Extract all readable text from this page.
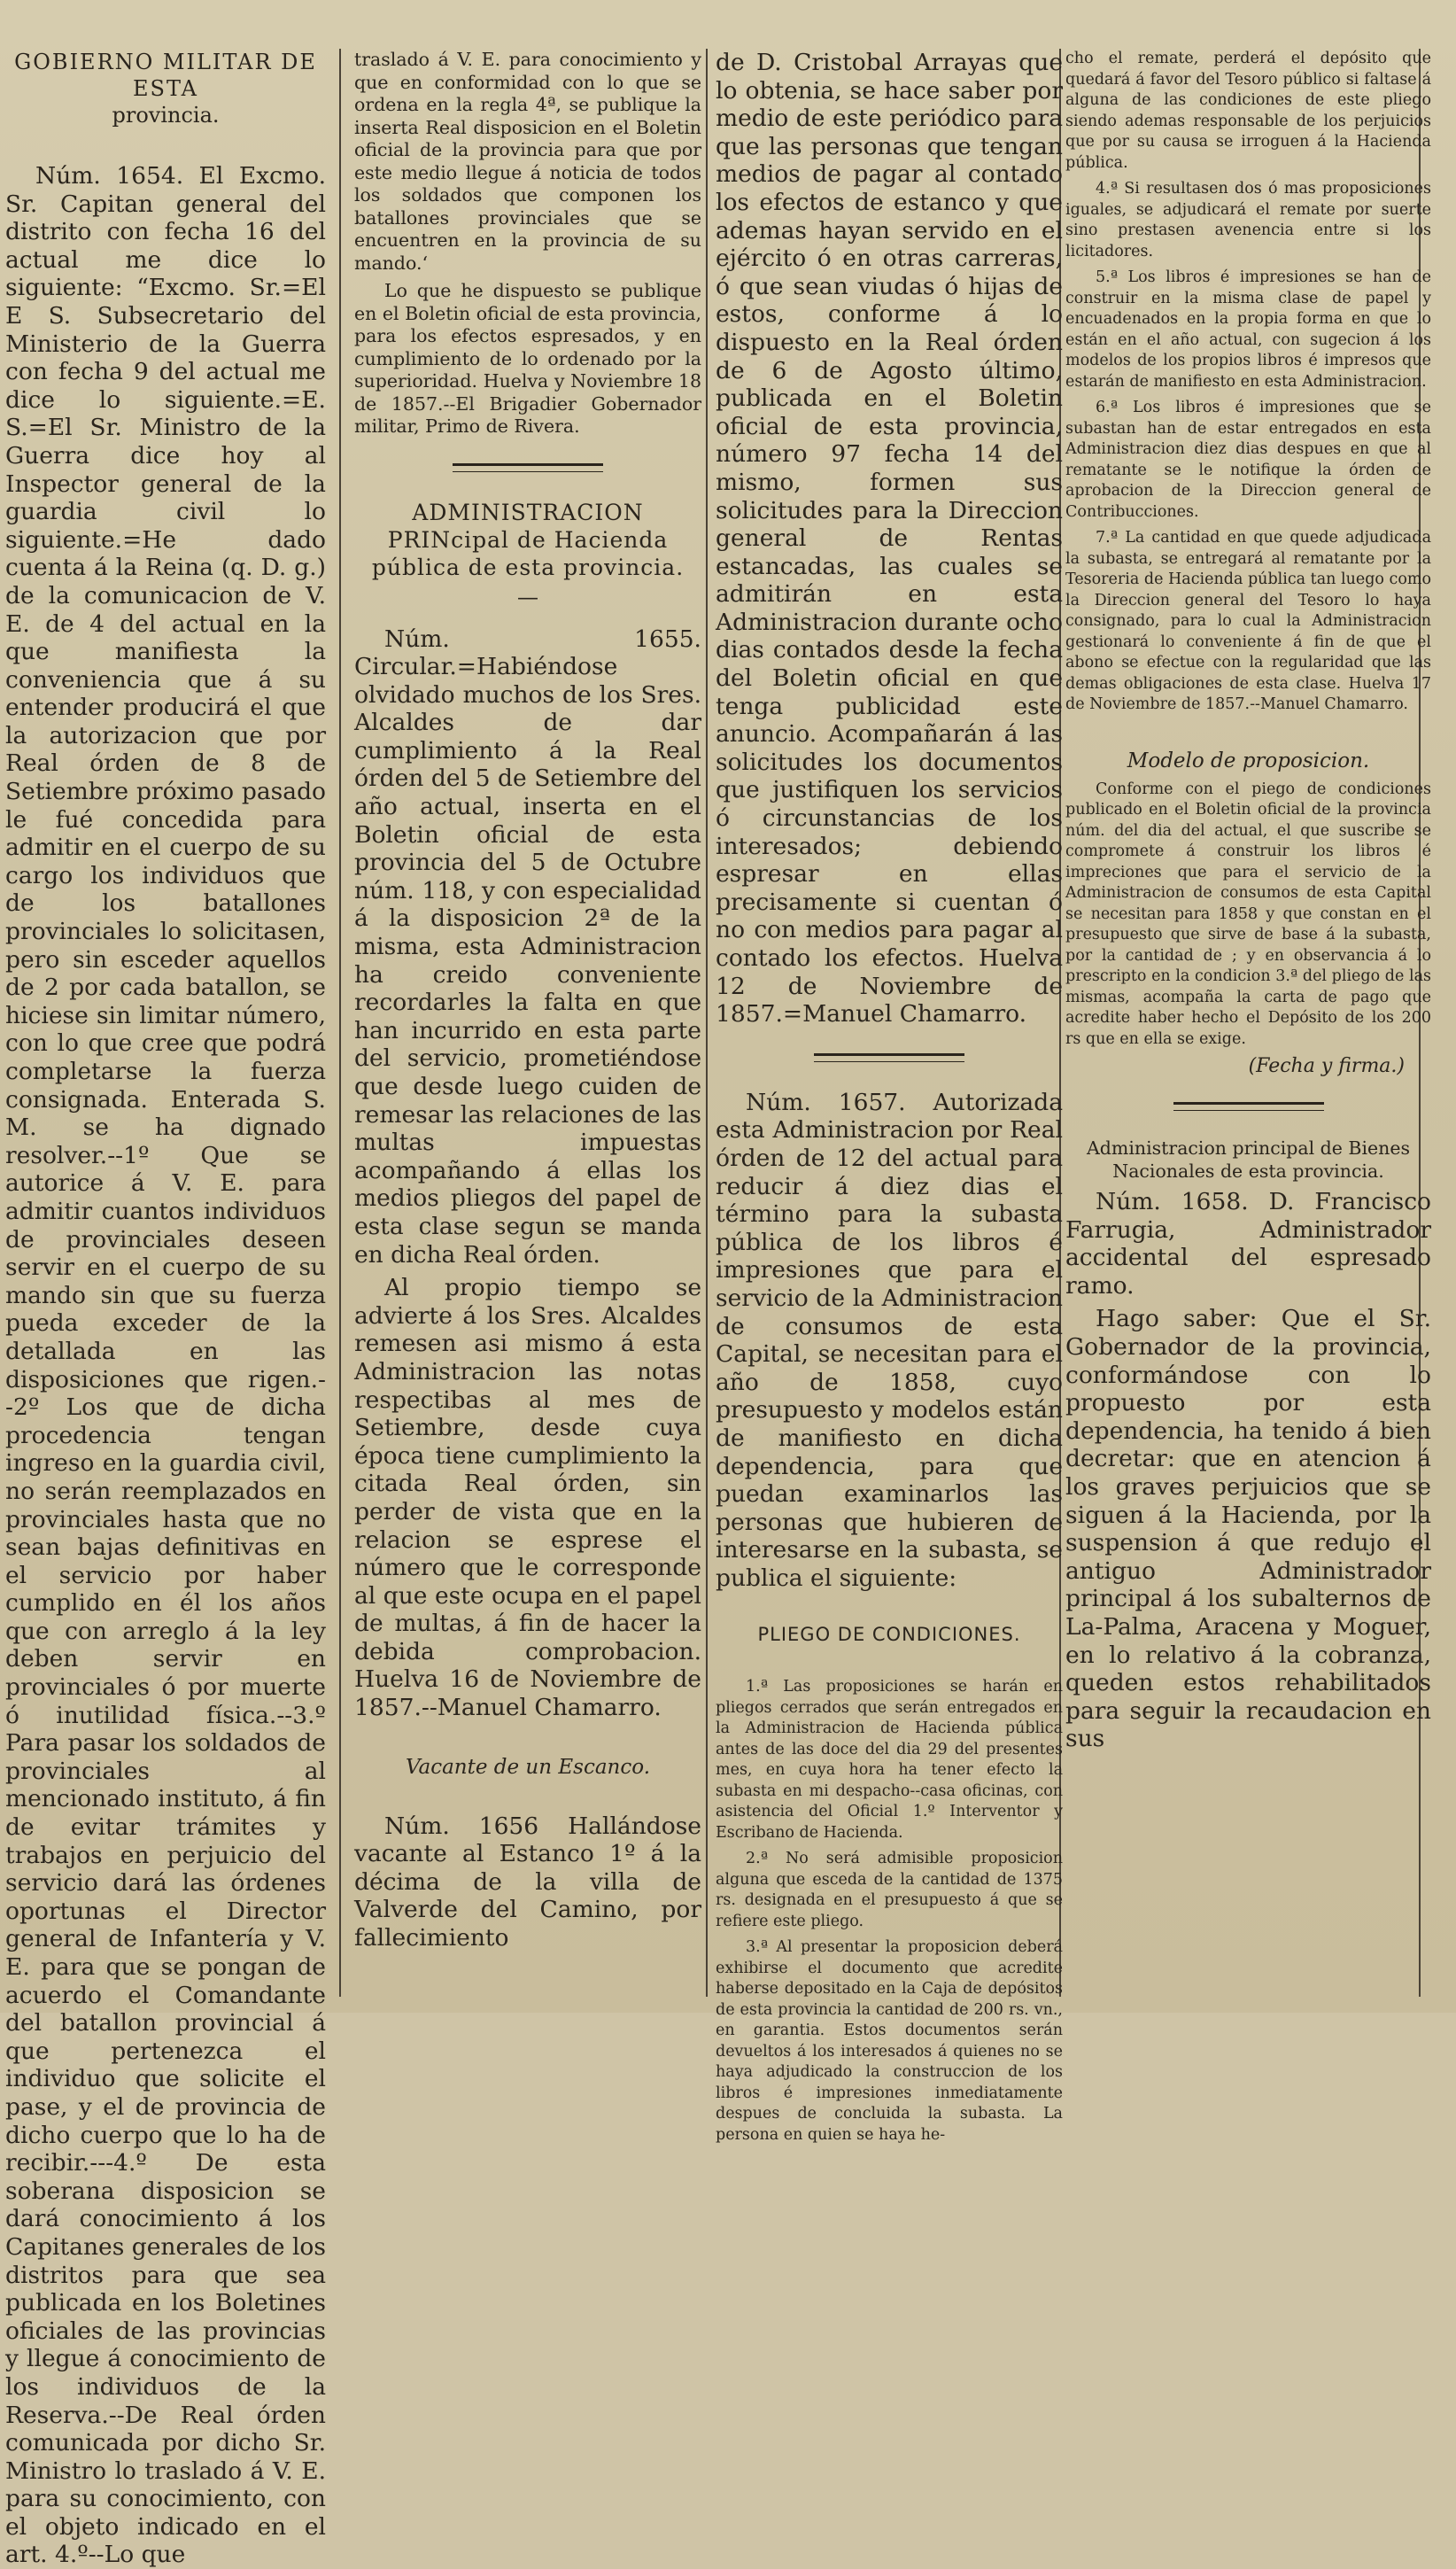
GOBIERNO MILITAR DE ESTA

provincia.

Núm. 1654. El Excmo. Sr. Capitan general del distrito con fecha 16 del actual me dice lo siguiente: “Excmo. Sr.=El E S. Subsecretario del Ministerio de la Guerra con fecha 9 del actual me dice lo siguiente.=E. S.=El Sr. Ministro de la Guerra dice hoy al Inspector general de la guardia civil lo siguiente.=He dado cuenta á la Reina (q. D. g.) de la comunicacion de V. E. de 4 del actual en la que manifiesta la conveniencia que á su entender producirá el que la autorizacion que por Real órden de 8 de Setiembre próximo pasado le fué concedida para admitir en el cuerpo de su cargo los individuos que de los batallones provinciales lo solicitasen, pero sin esceder aquellos de 2 por cada batallon, se hiciese sin limitar número, con lo que cree que podrá completarse la fuerza consignada. Enterada S. M. se ha dignado resolver.--1º Que se autorice á V. E. para admitir cuantos individuos de provinciales deseen servir en el cuerpo de su mando sin que su fuerza pueda exceder de la detallada en las disposiciones que rigen.--2º Los que de dicha procedencia tengan ingreso en la guardia civil, no serán reemplazados en provinciales hasta que no sean bajas definitivas en el servicio por haber cumplido en él los años que con arreglo á la ley deben servir en provinciales ó por muerte ó inutilidad física.--3.º Para pasar los soldados de provinciales al mencionado instituto, á fin de evitar trámites y trabajos en perjuicio del servicio dará las órdenes oportunas el Director general de Infantería y V. E. para que se pongan de acuerdo el Comandante del batallon provincial á que pertenezca el individuo que solicite el pase, y el de provincia de dicho cuerpo que lo ha de recibir.---4.º De esta soberana disposicion se dará conocimiento á los Capitanes generales de los distritos para que sea publicada en los Boletines oficiales de las provincias y llegue á conocimiento de los individuos de la Reserva.--De Real órden comunicada por dicho Sr. Ministro lo traslado á V. E. para su conocimiento, con el objeto indicado en el art. 4.º--Lo que

traslado á V. E. para conocimiento y que en conformidad con lo que se ordena en la regla 4ª, se publique la inserta Real disposicion en el Boletin oficial de la provincia para que por este medio llegue á noticia de todos los soldados que componen los batallones provinciales que se encuentren en la provincia de su mando.‘

Lo que he dispuesto se publique en el Boletin oficial de esta provincia, para los efectos espresados, y en cumplimiento de lo ordenado por la superioridad. Huelva y Noviembre 18 de 1857.--El Brigadier Gobernador militar, Primo de Rivera.

ADMINISTRACION PRINcipal de Hacienda pública de esta provincia.

—

Núm. 1655. Circular.=Habiéndose olvidado muchos de los Sres. Alcaldes de dar cumplimiento á la Real órden del 5 de Setiembre del año actual, inserta en el Boletin oficial de esta provincia del 5 de Octubre núm. 118, y con especialidad á la disposicion 2ª de la misma, esta Administracion ha creido conveniente recordarles la falta en que han incurrido en esta parte del servicio, prometiéndose que desde luego cuiden de remesar las relaciones de las multas impuestas acompañando á ellas los medios pliegos del papel de esta clase segun se manda en dicha Real órden.

Al propio tiempo se advierte á los Sres. Alcaldes remesen asi mismo á esta Administracion las notas respectibas al mes de Setiembre, desde cuya época tiene cumplimiento la citada Real órden, sin perder de vista que en la relacion se esprese el número que le corresponde al que este ocupa en el papel de multas, á fin de hacer la debida comprobacion. Huelva 16 de Noviembre de 1857.--Manuel Chamarro.

Vacante de un Escanco.

Núm. 1656 Hallándose vacante al Estanco 1º á la décima de la villa de Valverde del Camino, por fallecimiento

de D. Cristobal Arrayas que lo obtenia, se hace saber por medio de este periódico para que las personas que tengan medios de pagar al contado los efectos de estanco y que ademas hayan servido en el ejército ó en otras carreras, ó que sean viudas ó hijas de estos, conforme á lo dispuesto en la Real órden de 6 de Agosto último, publicada en el Boletin oficial de esta provincia, número 97 fecha 14 del mismo, formen sus solicitudes para la Direccion general de Rentas estancadas, las cuales se admitirán en esta Administracion durante ocho dias contados desde la fecha del Boletin oficial en que tenga publicidad este anuncio. Acompañarán á las solicitudes los documentos que justifiquen los servicios ó circunstancias de los interesados; debiendo espresar en ellas precisamente si cuentan ó no con medios para pagar al contado los efectos. Huelva 12 de Noviembre de 1857.=Manuel Chamarro.

Núm. 1657. Autorizada esta Administracion por Real órden de 12 del actual para reducir á diez dias el término para la subasta pública de los libros é impresiones que para el servicio de la Administracion de consumos de esta Capital, se necesitan para el año de 1858, cuyo presupuesto y modelos están de manifiesto en dicha dependencia, para que puedan examinarlos las personas que hubieren de interesarse en la subasta, se publica el siguiente:

PLIEGO DE CONDICIONES.

1.ª Las proposiciones se harán en pliegos cerrados que serán entregados en la Administracion de Hacienda pública antes de las doce del dia 29 del presentes mes, en cuya hora ha tener efecto la subasta en mi despacho--casa oficinas, con asistencia del Oficial 1.º Interventor y Escribano de Hacienda.

2.ª No será admisible proposicion alguna que esceda de la cantidad de 1375 rs. designada en el presupuesto á que se refiere este pliego.

3.ª Al presentar la proposicion deberá exhibirse el documento que acredite haberse depositado en la Caja de depósitos de esta provincia la cantidad de 200 rs. vn., en garantia. Estos documentos serán devueltos á los interesados á quienes no se haya adjudicado la construccion de los libros é impresiones inmediatamente despues de concluida la subasta. La persona en quien se haya he-

cho el remate, perderá el depósito que quedará á favor del Tesoro público si faltase á alguna de las condiciones de este pliego siendo ademas responsable de los perjuicios que por su causa se irroguen á la Hacienda pública.

4.ª Si resultasen dos ó mas proposiciones iguales, se adjudicará el remate por suerte sino prestasen avenencia entre si los licitadores.

5.ª Los libros é impresiones se han de construir en la misma clase de papel y encuadenados en la propia forma en que lo están en el año actual, con sugecion á los modelos de los propios libros é impresos que estarán de manifiesto en esta Administracion.

6.ª Los libros é impresiones que se subastan han de estar entregados en esta Administracion diez dias despues en que al rematante se le notifique la órden de aprobacion de la Direccion general de Contribucciones.

7.ª La cantidad en que quede adjudicada la subasta, se entregará al rematante por la Tesoreria de Hacienda pública tan luego como la Direccion general del Tesoro lo haya consignado, para lo cual la Administracion gestionará lo conveniente á fin de que el abono se efectue con la regularidad que las demas obligaciones de esta clase. Huelva 17 de Noviembre de 1857.--Manuel Chamarro.

Modelo de proposicion.

Conforme con el piego de condiciones publicado en el Boletin oficial de la provincia núm. del dia del actual, el que suscribe se compromete á construir los libros é impreciones que para el servicio de la Administracion de consumos de esta Capital se necesitan para 1858 y que constan en el presupuesto que sirve de base á la subasta, por la cantidad de ; y en observancia á lo prescripto en la condicion 3.ª del pliego de las mismas, acompaña la carta de pago que acredite haber hecho el Depósito de los 200 rs que en ella se exige.

(Fecha y firma.)

Administracion principal de Bienes Nacionales de esta provincia.

Núm. 1658. D. Francisco Farrugia, Administrador accidental del espresado ramo.

Hago saber: Que el Sr. Gobernador de la provincia, conformándose con lo propuesto por esta dependencia, ha tenido á bien decretar: que en atencion á los graves perjuicios que se siguen á la Hacienda, por la suspension á que redujo el antiguo Administrador principal á los subalternos de La-Palma, Aracena y Moguer, en lo relativo á la cobranza, queden estos rehabilitados para seguir la recaudacion en sus
